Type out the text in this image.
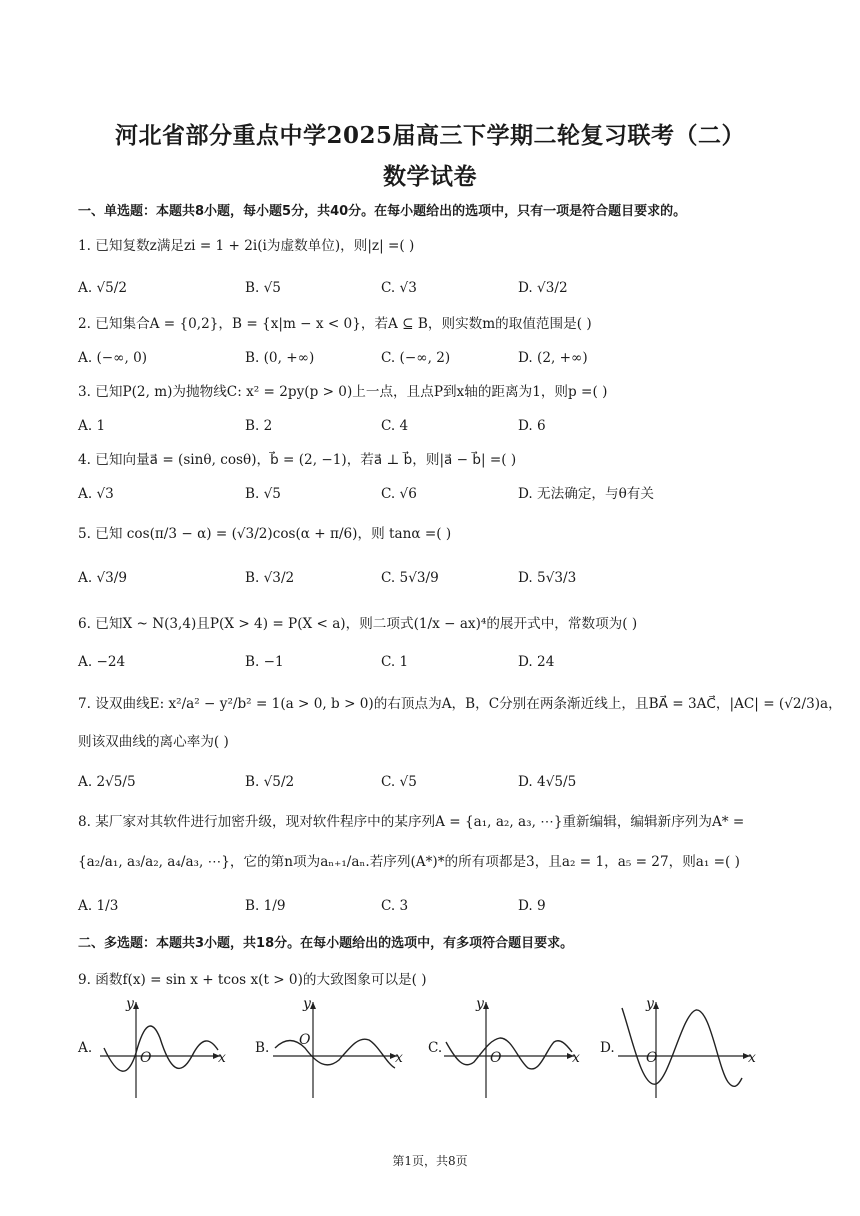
河北省部分重点中学2025届高三下学期二轮复习联考（二）
数学试卷
一、单选题：本题共8小题，每小题5分，共40分。在每小题给出的选项中，只有一项是符合题目要求的。
1. 已知复数z满足zi = 1 + 2i(i为虚数单位)，则|z| =( )
A. √5/2	B. √5	C. √3	D. √3/2
2. 已知集合A = {0,2}，B = {x|m − x < 0}，若A ⊆ B，则实数m的取值范围是( )
A. (−∞, 0)	B. (0, +∞)	C. (−∞, 2)	D. (2, +∞)
3. 已知P(2, m)为抛物线C: x² = 2py(p > 0)上一点，且点P到x轴的距离为1，则p =( )
A. 1	B. 2	C. 4	D. 6
4. 已知向量a⃗ = (sinθ, cosθ)，b⃗ = (2, −1)，若a⃗ ⊥ b⃗，则|a⃗ − b⃗| =( )
A. √3	B. √5	C. √6	D. 无法确定，与θ有关
5. 已知 cos(π/3 − α) = (√3/2)cos(α + π/6)，则 tanα =( )
A. √3/9	B. √3/2	C. 5√3/9	D. 5√3/3
6. 已知X ~ N(3,4)且P(X > 4) = P(X < a)，则二项式(1/x − ax)⁴的展开式中，常数项为( )
A. −24	B. −1	C. 1	D. 24
7. 设双曲线E: x²/a² − y²/b² = 1(a > 0, b > 0)的右顶点为A，B，C分别在两条渐近线上，且BA⃗ = 3AC⃗，|AC| = (√2/3)a，
则该双曲线的离心率为( )
A. 2√5/5	B. √5/2	C. √5	D. 4√5/5
8. 某厂家对其软件进行加密升级，现对软件程序中的某序列A = {a₁, a₂, a₃, ⋯}重新编辑，编辑新序列为A* =
{a₂/a₁, a₃/a₂, a₄/a₃, ⋯}，它的第n项为aₙ₊₁/aₙ.若序列(A*)*的所有项都是3，且a₂ = 1，a₅ = 27，则a₁ =( )
A. 1/3	B. 1/9	C. 3	D. 9
二、多选题：本题共3小题，共18分。在每小题给出的选项中，有多项符合题目要求。
9. 函数f(x) = sin x + tcos x(t > 0)的大致图象可以是( )
A.
y
x
O
B.
y
x
O	C.
y
x
O
D.
y
x
O
第1页，共8页
